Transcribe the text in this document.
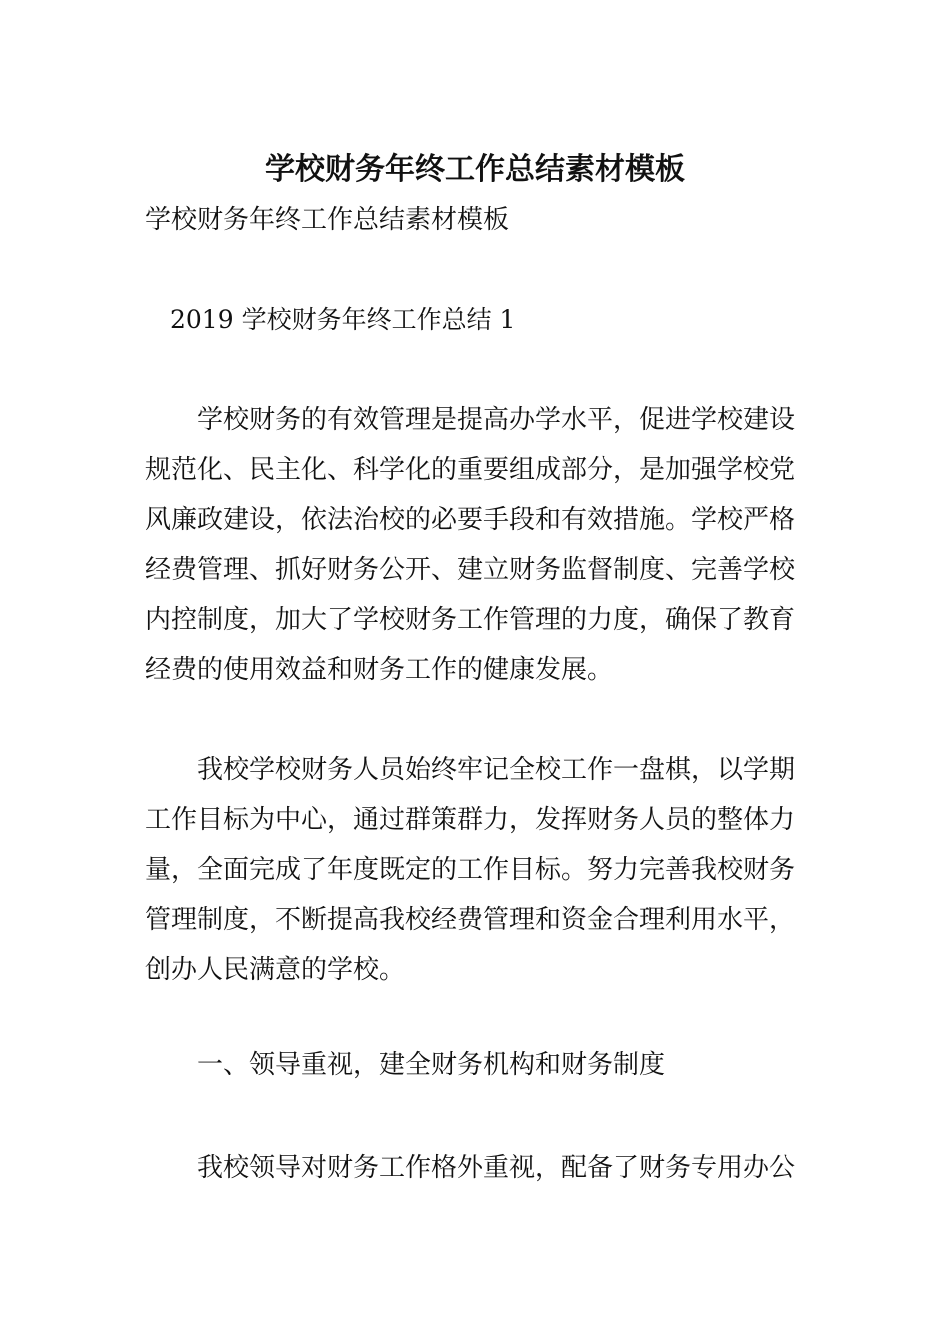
学校财务年终工作总结素材模板
学校财务年终工作总结素材模板
2019 学校财务年终工作总结 1
学校财务的有效管理是提高办学水平，促进学校建设
规范化、民主化、科学化的重要组成部分，是加强学校党
风廉政建设，依法治校的必要手段和有效措施。学校严格
经费管理、抓好财务公开、建立财务监督制度、完善学校
内控制度，加大了学校财务工作管理的力度，确保了教育
经费的使用效益和财务工作的健康发展。
我校学校财务人员始终牢记全校工作一盘棋，以学期
工作目标为中心，通过群策群力，发挥财务人员的整体力
量，全面完成了年度既定的工作目标。努力完善我校财务
管理制度，不断提高我校经费管理和资金合理利用水平，
创办人民满意的学校。
一、领导重视，建全财务机构和财务制度
我校领导对财务工作格外重视，配备了财务专用办公
